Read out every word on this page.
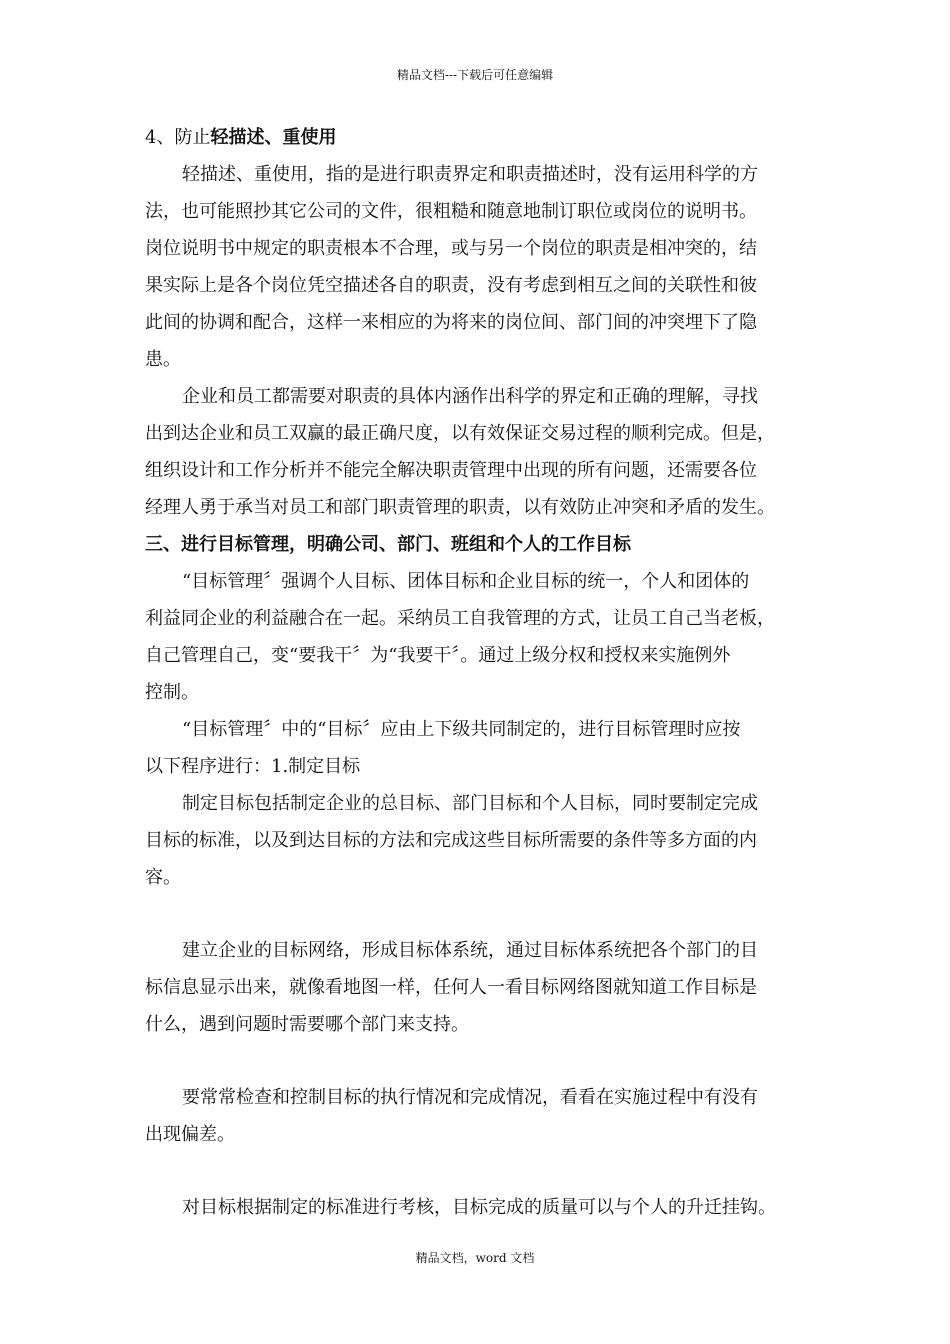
精品文档---下载后可任意编辑

4、防止轻描述、重使用

轻描述、重使用，指的是进行职责界定和职责描述时，没有运用科学的方

法，也可能照抄其它公司的文件，很粗糙和随意地制订职位或岗位的说明书。

岗位说明书中规定的职责根本不合理，或与另一个岗位的职责是相冲突的，结

果实际上是各个岗位凭空描述各自的职责，没有考虑到相互之间的关联性和彼

此间的协调和配合，这样一来相应的为将来的岗位间、部门间的冲突埋下了隐

患。

企业和员工都需要对职责的具体内涵作出科学的界定和正确的理解，寻找

出到达企业和员工双赢的最正确尺度，以有效保证交易过程的顺利完成。但是，

组织设计和工作分析并不能完全解决职责管理中出现的所有问题，还需要各位

经理人勇于承当对员工和部门职责管理的职责，以有效防止冲突和矛盾的发生。

三、进行目标管理，明确公司、部门、班组和个人的工作目标

“目标管理〞强调个人目标、团体目标和企业目标的统一，个人和团体的

利益同企业的利益融合在一起。采纳员工自我管理的方式，让员工自己当老板，

自己管理自己，变“要我干〞为“我要干〞。通过上级分权和授权来实施例外

控制。

“目标管理〞中的“目标〞应由上下级共同制定的，进行目标管理时应按

以下程序进行：1.制定目标

制定目标包括制定企业的总目标、部门目标和个人目标，同时要制定完成

目标的标准，以及到达目标的方法和完成这些目标所需要的条件等多方面的内

容。

建立企业的目标网络，形成目标体系统，通过目标体系统把各个部门的目

标信息显示出来，就像看地图一样，任何人一看目标网络图就知道工作目标是

什么，遇到问题时需要哪个部门来支持。

要常常检查和控制目标的执行情况和完成情况，看看在实施过程中有没有

出现偏差。

对目标根据制定的标准进行考核，目标完成的质量可以与个人的升迁挂钩。

精品文档，word 文档
